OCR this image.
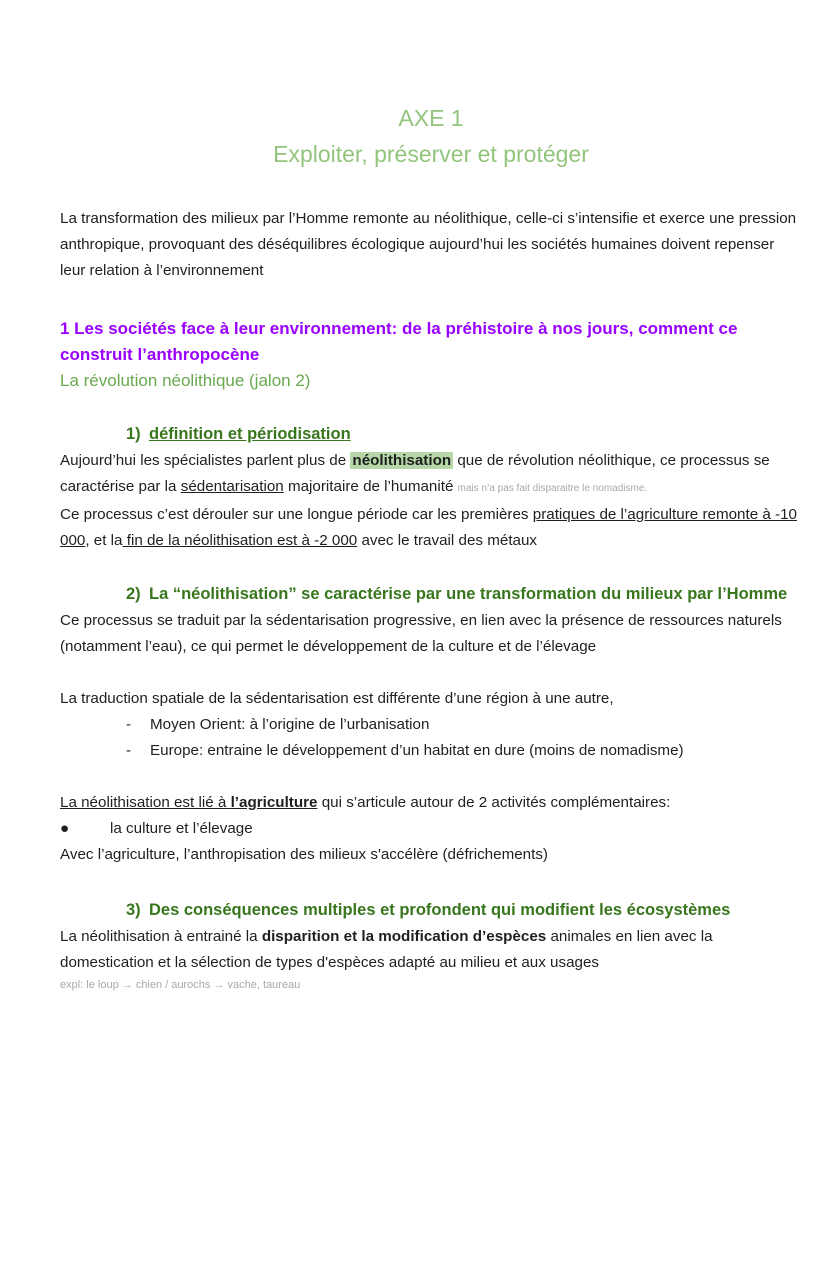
AXE 1
Exploiter, préserver et protéger

La transformation des milieux par l’Homme remonte au néolithique, celle-ci s’intensifie et exerce une pression anthropique, provoquant des déséquilibres écologique aujourd’hui les sociétés humaines doivent repenser leur relation à l’environnement

1 Les sociétés face à leur environnement: de la préhistoire à nos jours, comment ce construit l’anthropocène
La révolution néolithique (jalon 2)
1) définition et périodisation

Aujourd’hui les spécialistes parlent plus de néolithisation que de révolution néolithique, ce processus se caractérise par la sédentarisation majoritaire de l’humanité mais n’a pas fait disparaitre le nomadisme.

Ce processus c’est dérouler sur une longue période car les premières pratiques de l’agriculture remonte à -10 000, et la fin de la néolithisation est à -2 000 avec le travail des métaux

2) La “néolithisation” se caractérise par une transformation du milieux par l’Homme

Ce processus se traduit par la sédentarisation progressive, en lien avec la présence de ressources naturels (notamment l’eau), ce qui permet le développement de la culture et de l’élevage

La traduction spatiale de la sédentarisation est différente d’une région à une autre,

- Moyen Orient: à l’origine de l’urbanisation
- Europe: entraine le développement d’un habitat en dure (moins de nomadisme)

La néolithisation est lié à l’agriculture qui s’articule autour de 2 activités complémentaires:

●	la culture et l’élevage

Avec l’agriculture, l’anthropisation des milieux s'accélère (défrichements)

3) Des conséquences multiples et profondent qui modifient les écosystèmes

La néolithisation à entrainé la disparition et la modification d’espèces animales en lien avec la domestication et la sélection de types d'espèces adapté au milieu et aux usages

expl: le loup → chien / aurochs → vache, taureau
